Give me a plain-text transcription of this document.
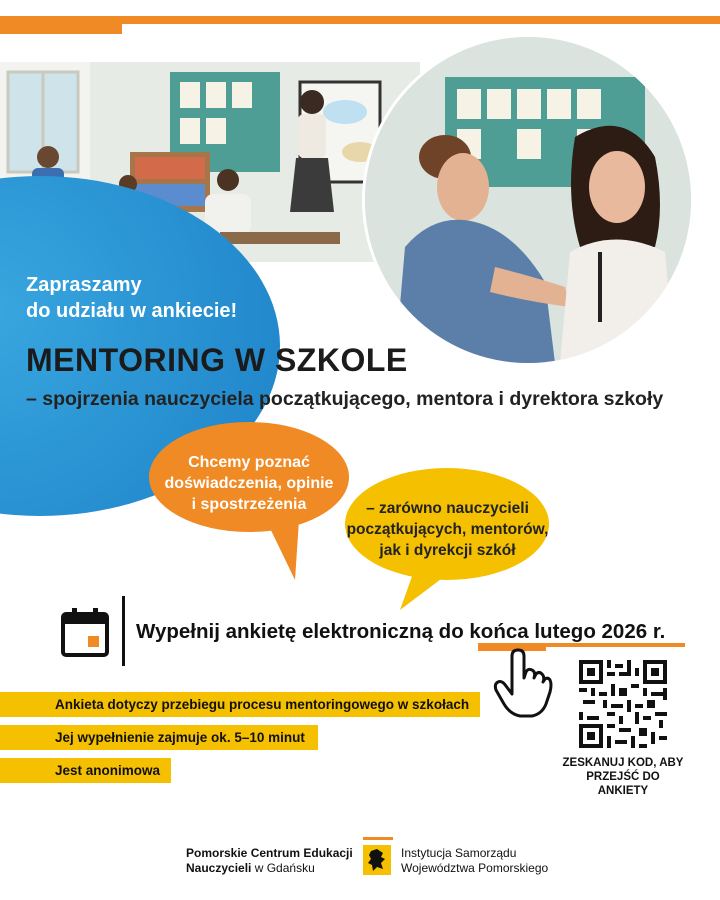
Zapraszamy
do udziału w ankiecie!
MENTORING W SZKOLE
– spojrzenia nauczyciela początkującego, mentora i dyrektora szkoły
Chcemy poznać
doświadczenia, opinie
i spostrzeżenia	– zarówno nauczycieli
początkujących, mentorów,
jak i dyrekcji szkół
Wypełnij ankietę elektroniczną do końca lutego 2026 r.
Ankieta dotyczy przebiegu procesu mentoringowego w szkołach
Jej wypełnienie zajmuje ok. 5–10 minut
Jest anonimowa	ZESKANUJ KOD, ABY
PRZEJŚĆ DO ANKIETY
Pomorskie Centrum Edukacji
Nauczycieli w Gdańsku
Instytucja Samorządu
Województwa Pomorskiego
